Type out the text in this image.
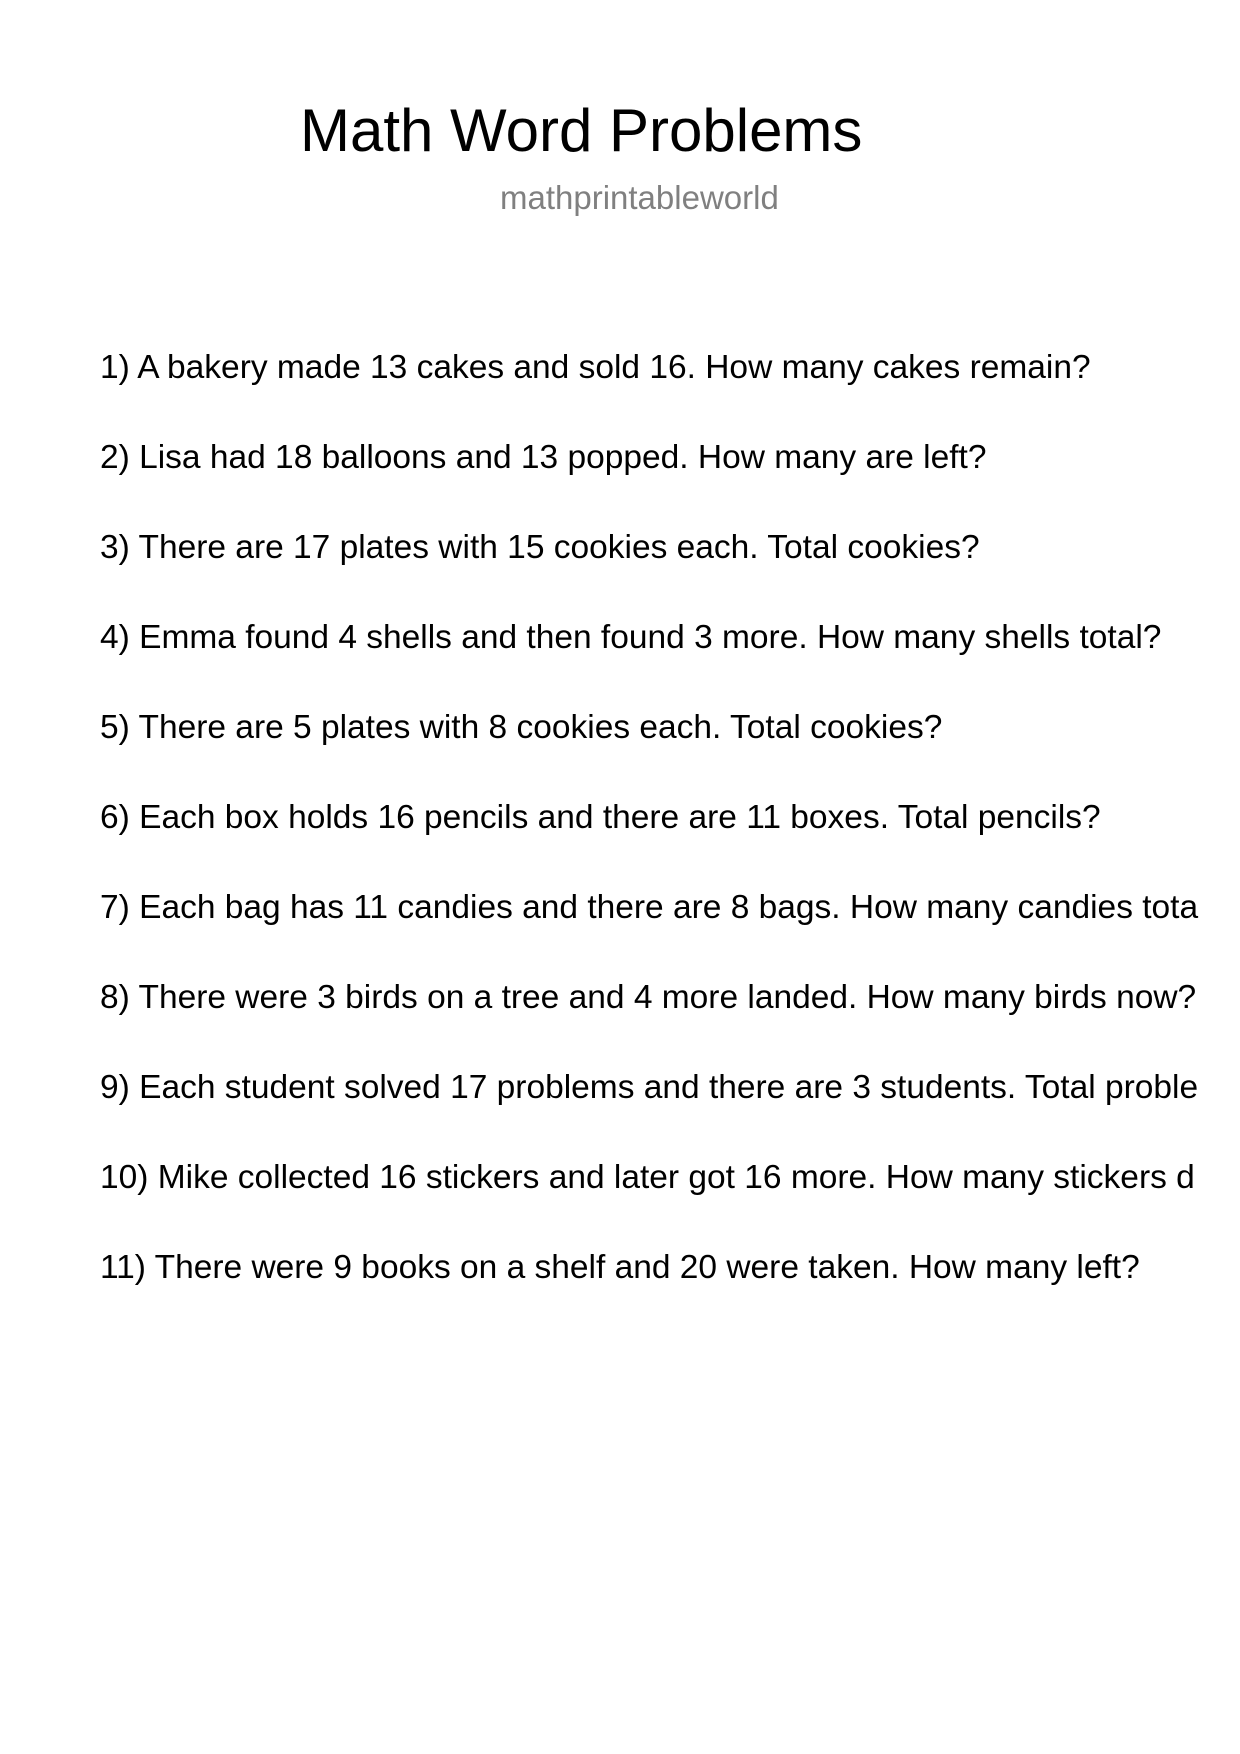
Math Word Problems
mathprintableworld
1) A bakery made 13 cakes and sold 16. How many cakes remain?
2) Lisa had 18 balloons and 13 popped. How many are left?
3) There are 17 plates with 15 cookies each. Total cookies?
4) Emma found 4 shells and then found 3 more. How many shells total?
5) There are 5 plates with 8 cookies each. Total cookies?
6) Each box holds 16 pencils and there are 11 boxes. Total pencils?
7) Each bag has 11 candies and there are 8 bags. How many candies tota
8) There were 3 birds on a tree and 4 more landed. How many birds now?
9) Each student solved 17 problems and there are 3 students. Total proble
10) Mike collected 16 stickers and later got 16 more. How many stickers d
11) There were 9 books on a shelf and 20 were taken. How many left?
